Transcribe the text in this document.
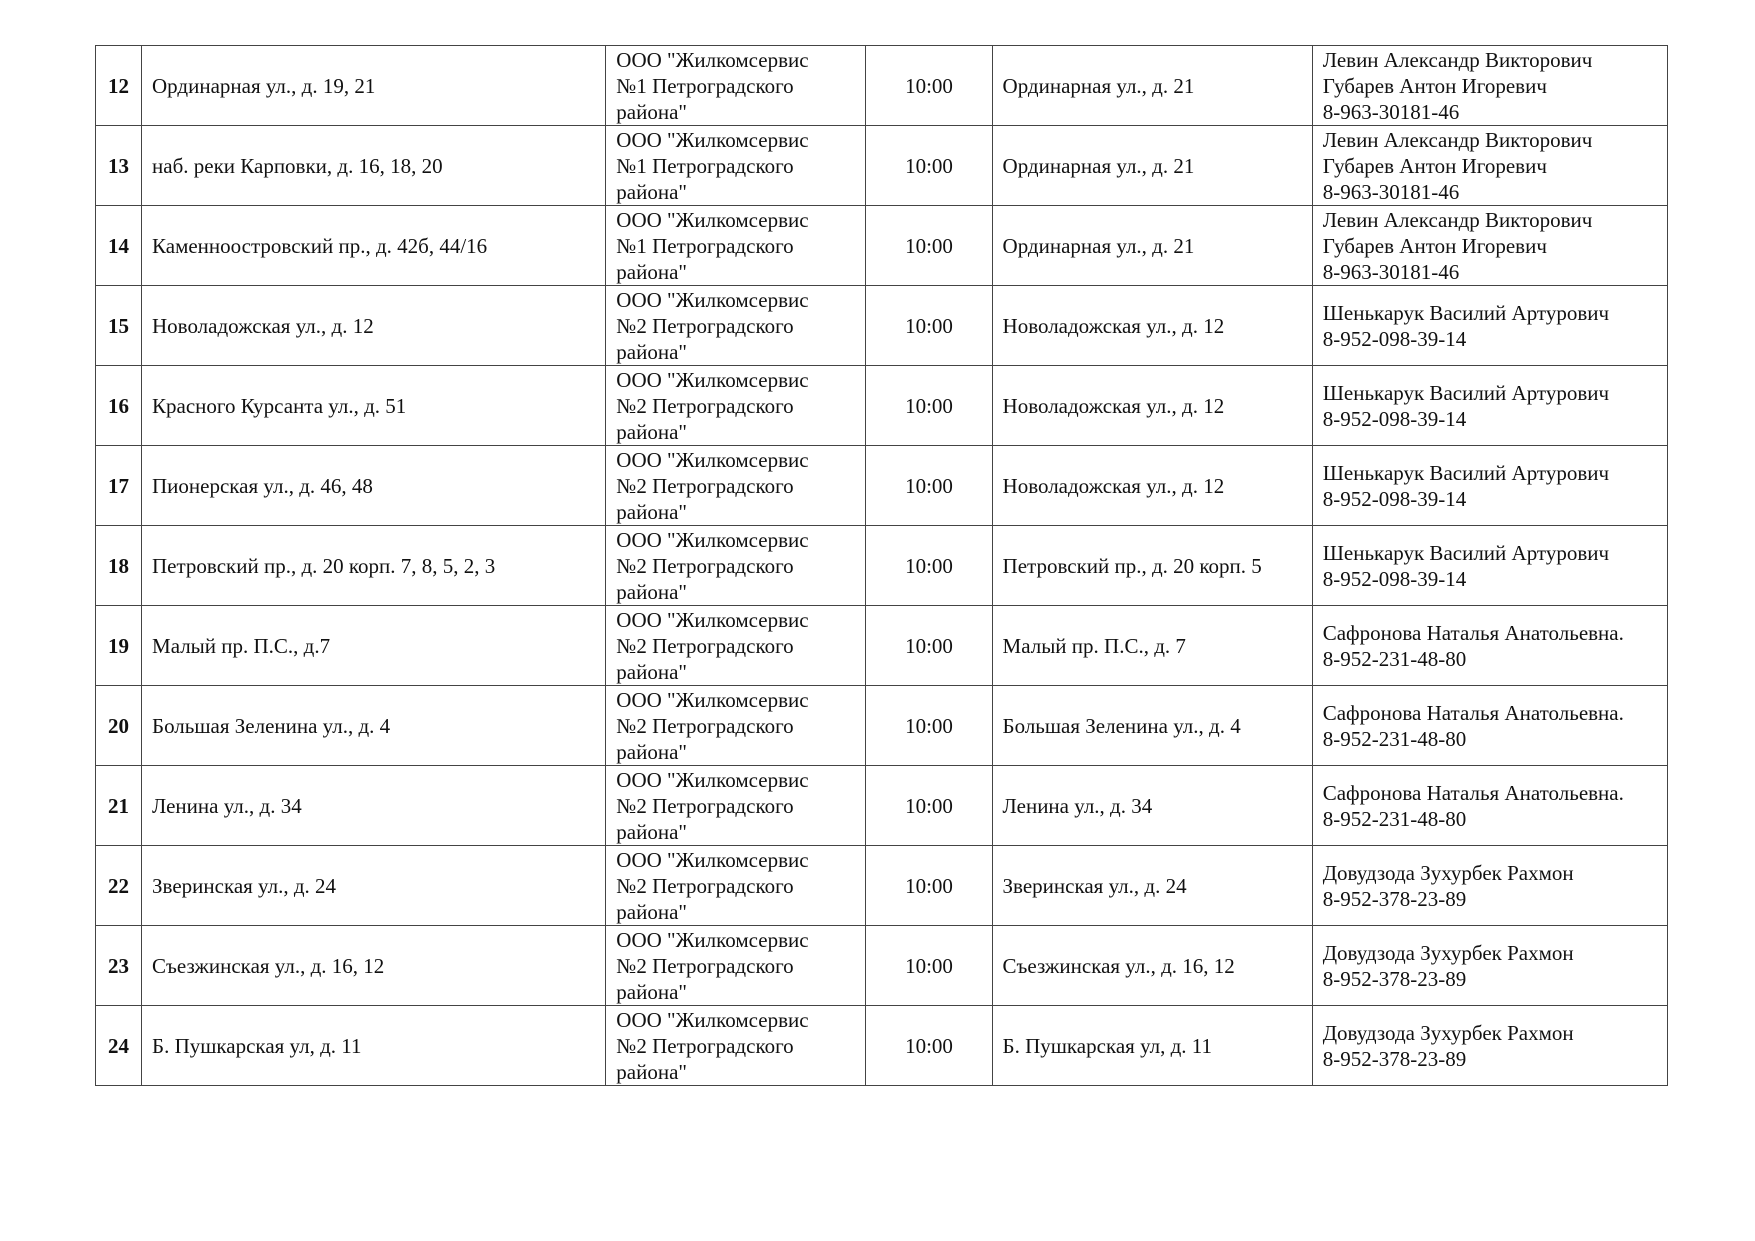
12	Ординарная ул., д. 19, 21	ООО "Жилкомсервис
№1 Петроградского
района"	10:00	Ординарная ул., д. 21	Левин Александр Викторович
Губарев Антон Игоревич
8-963-30181-46

13	наб. реки Карповки, д. 16, 18, 20	ООО "Жилкомсервис
№1 Петроградского
района"	10:00	Ординарная ул., д. 21	Левин Александр Викторович
Губарев Антон Игоревич
8-963-30181-46

14	Каменноостровский пр., д. 42б, 44/16	ООО "Жилкомсервис
№1 Петроградского
района"	10:00	Ординарная ул., д. 21	Левин Александр Викторович
Губарев Антон Игоревич
8-963-30181-46

15	Новоладожская ул., д. 12	ООО "Жилкомсервис
№2 Петроградского
района"	10:00	Новоладожская ул., д. 12	Шенькарук Василий Артурович
8-952-098-39-14

16	Красного Курсанта ул., д. 51	ООО "Жилкомсервис
№2 Петроградского
района"	10:00	Новоладожская ул., д. 12	Шенькарук Василий Артурович
8-952-098-39-14

17	Пионерская ул., д. 46, 48	ООО "Жилкомсервис
№2 Петроградского
района"	10:00	Новоладожская ул., д. 12	Шенькарук Василий Артурович
8-952-098-39-14

18	Петровский пр., д. 20 корп. 7, 8, 5, 2, 3	ООО "Жилкомсервис
№2 Петроградского
района"	10:00	Петровский пр., д. 20 корп. 5	Шенькарук Василий Артурович
8-952-098-39-14

19	Малый пр. П.С., д.7	ООО "Жилкомсервис
№2 Петроградского
района"	10:00	Малый пр. П.С., д. 7	Сафронова Наталья Анатольевна.
8-952-231-48-80

20	Большая Зеленина ул., д. 4	ООО "Жилкомсервис
№2 Петроградского
района"	10:00	Большая Зеленина ул., д. 4	Сафронова Наталья Анатольевна.
8-952-231-48-80

21	Ленина ул., д. 34	ООО "Жилкомсервис
№2 Петроградского
района"	10:00	Ленина ул., д. 34	Сафронова Наталья Анатольевна.
8-952-231-48-80

22	Зверинская ул., д. 24	ООО "Жилкомсервис
№2 Петроградского
района"	10:00	Зверинская ул., д. 24	Довудзода Зухурбек Рахмон
8-952-378-23-89

23	Съезжинская ул., д. 16, 12	ООО "Жилкомсервис
№2 Петроградского
района"	10:00	Съезжинская ул., д. 16, 12	Довудзода Зухурбек Рахмон
8-952-378-23-89

24	Б. Пушкарская ул, д. 11	ООО "Жилкомсервис
№2 Петроградского
района"	10:00	Б. Пушкарская ул, д. 11	Довудзода Зухурбек Рахмон
8-952-378-23-89
